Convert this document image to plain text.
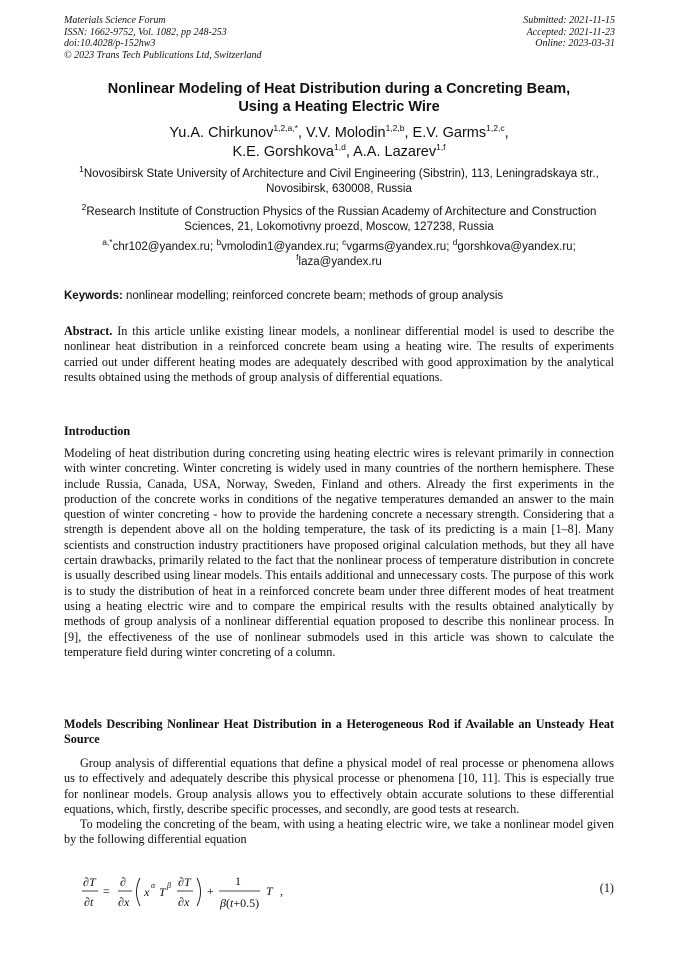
Materials Science Forum
ISSN: 1662-9752, Vol. 1082, pp 248-253
doi:10.4028/p-152hw3
© 2023 Trans Tech Publications Ltd, Switzerland
Submitted: 2021-11-15
Accepted: 2021-11-23
Online: 2023-03-31
Nonlinear Modeling of Heat Distribution during a Concreting Beam,
Using a Heating Electric Wire
Yu.A. Chirkunov$^{1,2,a,*}$, V.V. Molodin$^{1,2,b}$, E.V. Garms$^{1,2,c}$,
K.E. Gorshkova$^{1,d}$, A.A. Lazarev$^{1,f}$
$^1$Novosibirsk State University of Architecture and Civil Engineering (Sibstrin), 113, Leningradskaya str., Novosibirsk, 630008, Russia
$^2$Research Institute of Construction Physics of the Russian Academy of Architecture and Construction Sciences, 21, Lokomotivny proezd, Moscow, 127238, Russia
$^{a,*}$chr102@yandex.ru; $^b$vmolodin1@yandex.ru; $^c$vgarms@yandex.ru; $^d$gorshkova@yandex.ru;
$^f$laza@yandex.ru
Keywords: nonlinear modelling; reinforced concrete beam; methods of group analysis
Abstract. In this article unlike existing linear models, a nonlinear differential model is used to describe the nonlinear heat distribution in a reinforced concrete beam using a heating wire. The results of experiments carried out under different heating modes are adequately described with good approximation by the analytical results obtained using the methods of group analysis of differential equations.
Introduction
Modeling of heat distribution during concreting using heating electric wires is relevant primarily in connection with winter concreting. Winter concreting is widely used in many countries of the northern hemisphere. These include Russia, Canada, USA, Norway, Sweden, Finland and others. Already the first experiments in the production of the concrete works in conditions of the negative temperatures demanded an answer to the main question of winter concreting - how to provide the hardening concrete a necessary strength. Considering that a strength is dependent above all on the holding temperature, the task of its predicting is a main [1–8]. Many scientists and construction industry practitioners have proposed original calculation methods, but they all have certain drawbacks, primarily related to the fact that the nonlinear process of temperature distribution in concrete is usually described using linear models. This entails additional and unnecessary costs. The purpose of this work is to study the distribution of heat in a reinforced concrete beam under three different modes of heat treatment using a heating electric wire and to compare the empirical results with the results obtained analytically by methods of group analysis of a nonlinear differential equation proposed to describe this nonlinear process. In [9], the effectiveness of the use of nonlinear submodels used in this article was shown to calculate the temperature field during winter concreting of a column.
Models Describing Nonlinear Heat Distribution in a Heterogeneous Rod if Available an Unsteady Heat Source

Group analysis of differential equations that define a physical model of real processe or phenomena allows us to effectively and adequately describe this physical processe or phenomena [10, 11]. This is especially true for nonlinear models. Group analysis allows you to effectively obtain accurate solutions to these differential equations, which, firstly, describe specific processes, and secondly, are good tests at research.

To modeling the concreting of the beam, with using a heating electric wire, we take a nonlinear model given by the following differential equation

∂T
∂t
=
∂
∂x
x α T β ∂T
∂x
+
1
β(t+0.5)
T ,	(1)
